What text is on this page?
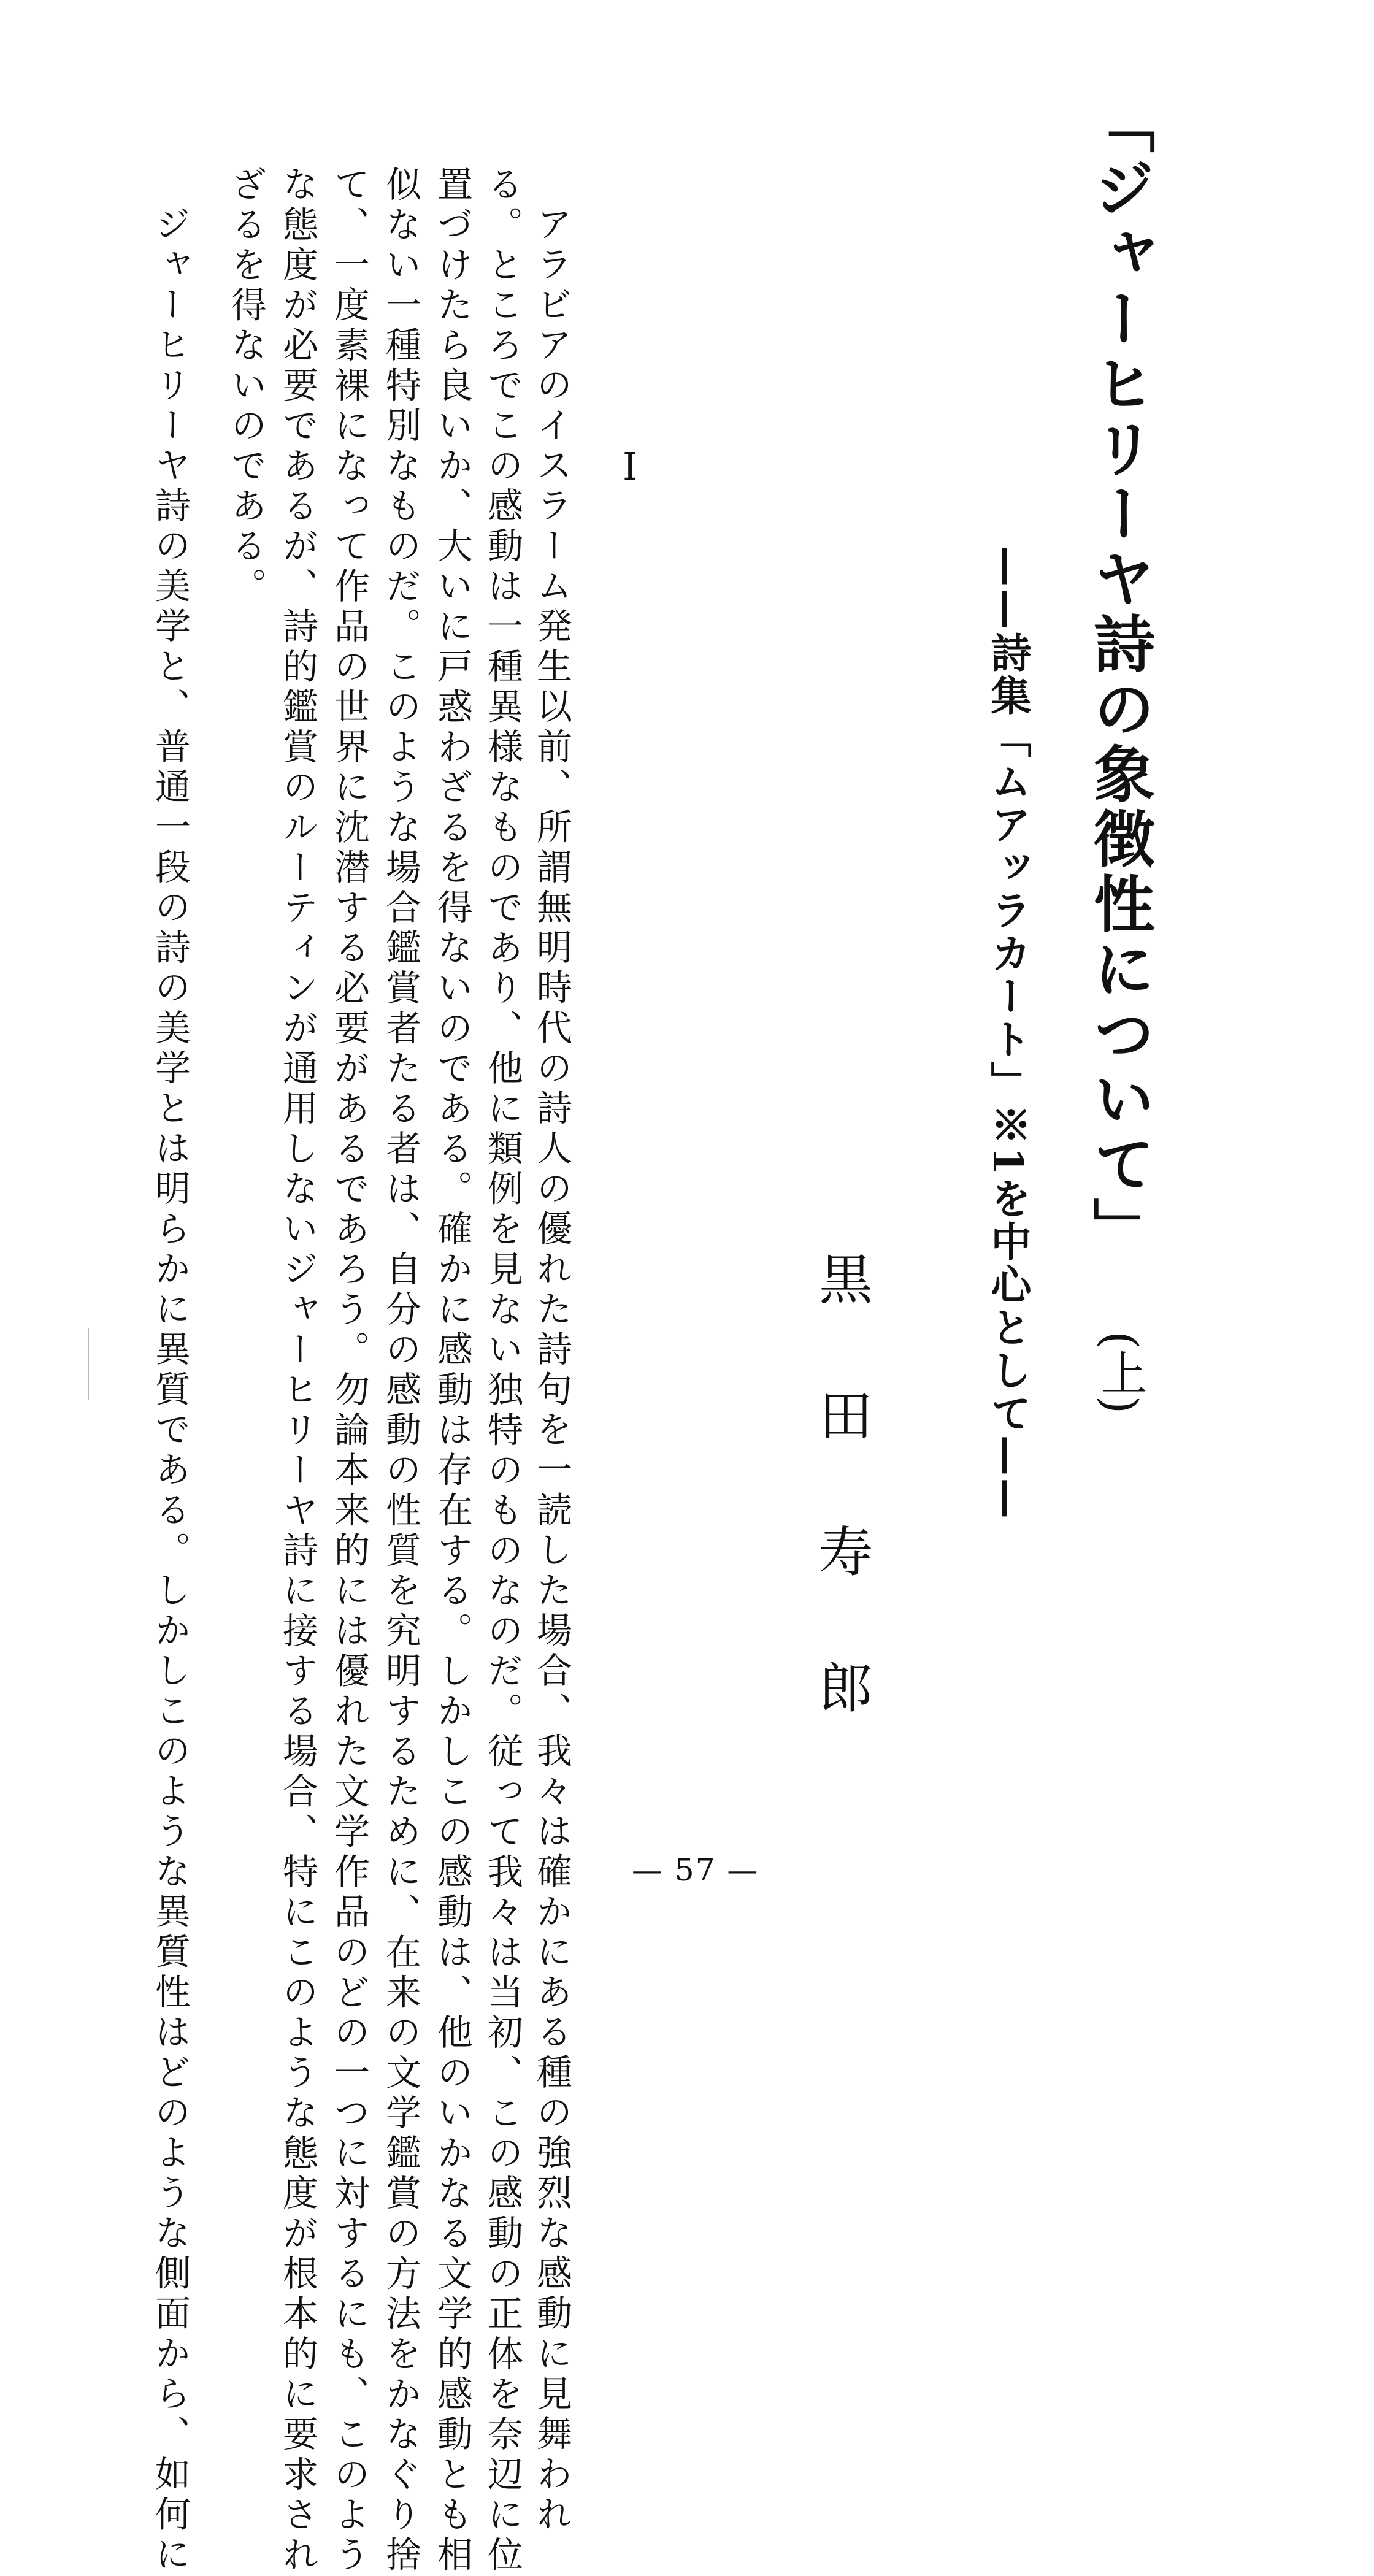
「ジャーヒリーヤ詩の象徴性について」
(上)
——詩集「ムアッラカート」※1を中心として——
黒田寿郎
I

アラビアのイスラーム発生以前、所謂無明時代の詩人の優れた詩句を一読した場合、我々は確かにある種の強烈な感動に見舞われ

る。ところでこの感動は一種異様なものであり、他に類例を見ない独特のものなのだ。従って我々は当初、この感動の正体を奈辺に位

置づけたら良いか、大いに戸惑わざるを得ないのである。確かに感動は存在する。しかしこの感動は、他のいかなる文学的感動とも相

似ない一種特別なものだ。このような場合鑑賞者たる者は、自分の感動の性質を究明するために、在来の文学鑑賞の方法をかなぐり捨

て、一度素裸になって作品の世界に沈潜する必要があるであろう。勿論本来的には優れた文学作品のどの一つに対するにも、このよう

な態度が必要であるが、詩的鑑賞のルーティンが通用しないジャーヒリーヤ詩に接する場合、特にこのような態度が根本的に要求され

ざるを得ないのである。

ジャーヒリーヤ詩の美学と、普通一段の詩の美学とは明らかに異質である。しかしこのような異質性はどのような側面から、如何に	— 57 —
